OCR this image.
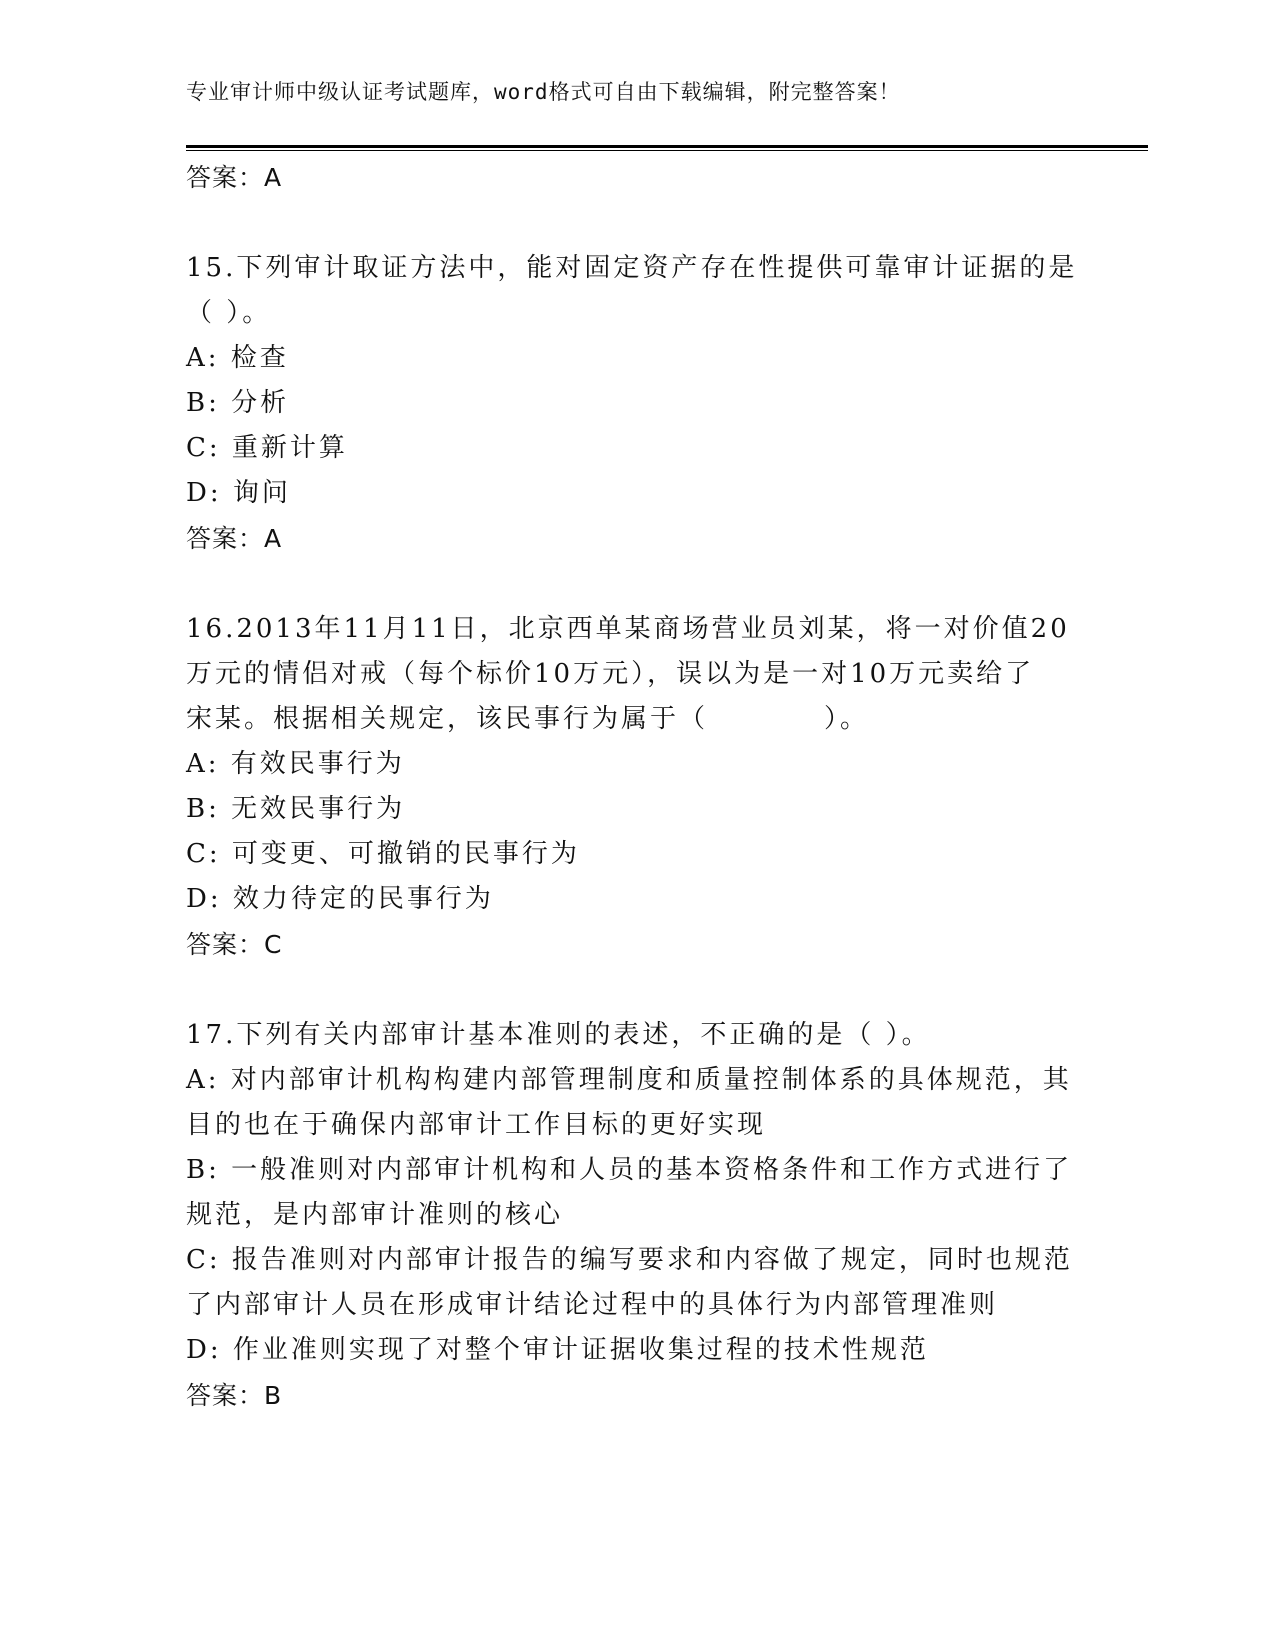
专业审计师中级认证考试题库，word格式可自由下载编辑，附完整答案！
答案：A
15.下列审计取证方法中，能对固定资产存在性提供可靠审计证据的是
（ ）。
A: 检查
B: 分析
C: 重新计算
D: 询问
答案：A
16.2013年11月11日，北京西单某商场营业员刘某，将一对价值20
万元的情侣对戒（每个标价10万元），误以为是一对10万元卖给了
宋某。根据相关规定，该民事行为属于（　　　　）。
A: 有效民事行为
B: 无效民事行为
C: 可变更、可撤销的民事行为
D: 效力待定的民事行为
答案：C
17.下列有关内部审计基本准则的表述，不正确的是（ ）。
A: 对内部审计机构构建内部管理制度和质量控制体系的具体规范，其
目的也在于确保内部审计工作目标的更好实现
B: 一般准则对内部审计机构和人员的基本资格条件和工作方式进行了
规范，是内部审计准则的核心
C: 报告准则对内部审计报告的编写要求和内容做了规定，同时也规范
了内部审计人员在形成审计结论过程中的具体行为内部管理准则
D: 作业准则实现了对整个审计证据收集过程的技术性规范
答案：B
